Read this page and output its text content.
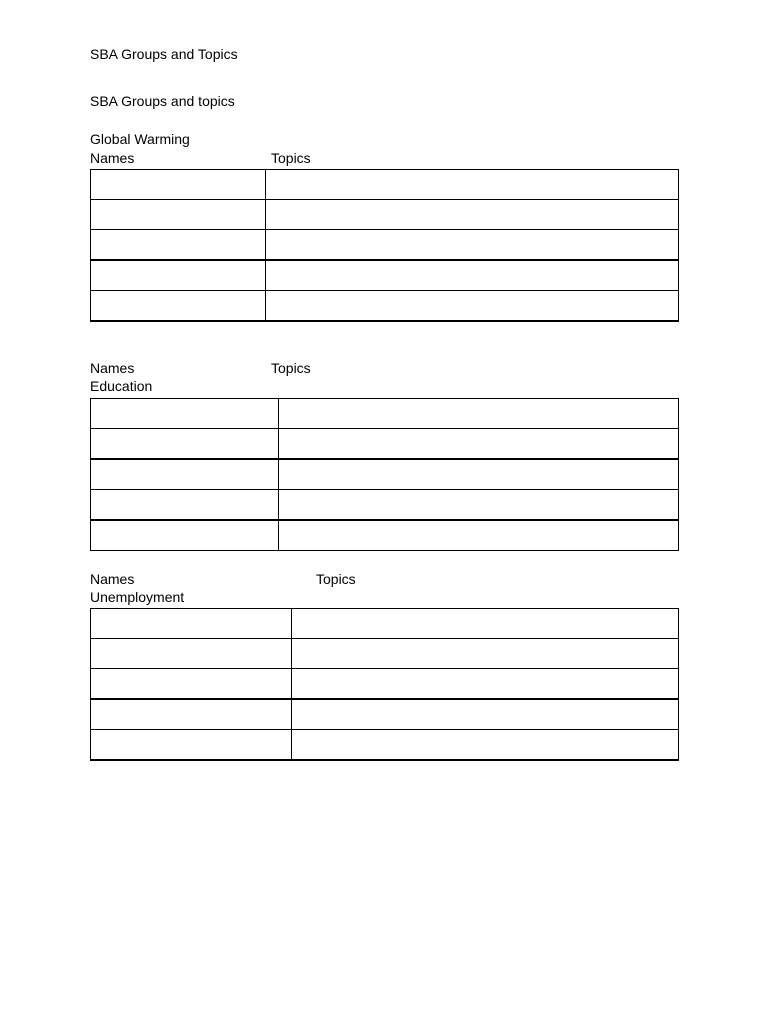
SBA Groups and Topics
SBA Groups and topics
Global Warming
Names	Topics

Names	Topics
Education

Names	Topics
Unemployment
